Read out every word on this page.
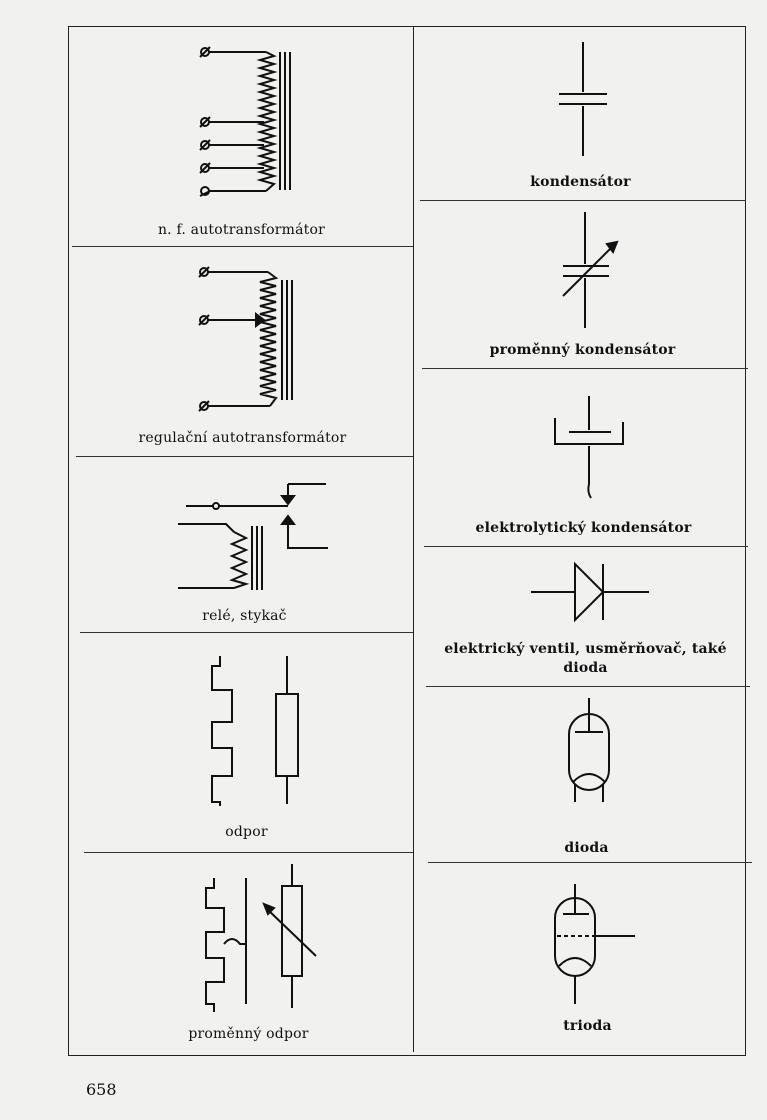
n. f. autotransformátor
regulační autotransformátor
relé, stykač
odpor
proměnný odpor
kondensátor
proměnný kondensátor
elektrolytický kondensátor
elektrický ventil, usměrňovač, také dioda
dioda
trioda
658
